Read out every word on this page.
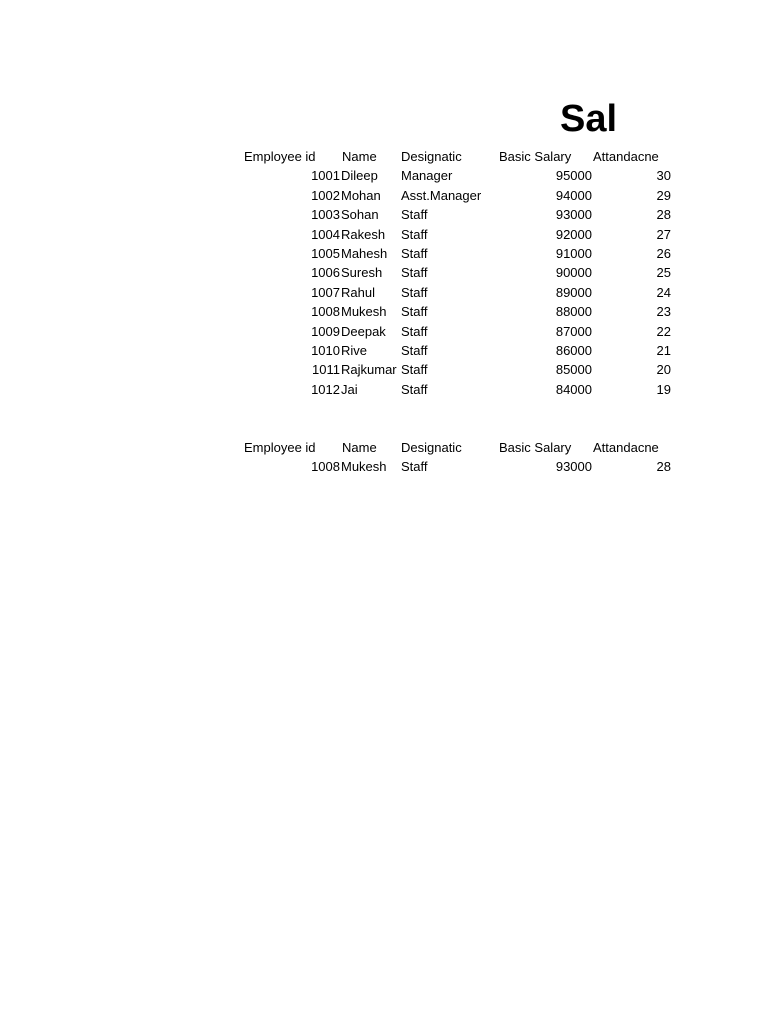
Sal
Employee id	Name	Designatic	Basic Salary	Attandacne
1001 Dileep	Manager	95000	30
1002 Mohan	Asst.Manager	94000	29
1003 Sohan	Staff	93000	28
1004 Rakesh	Staff	92000	27
1005 Mahesh	Staff	91000	26
1006 Suresh	Staff	90000	25
1007 Rahul	Staff	89000	24
1008 Mukesh	Staff	88000	23
1009 Deepak	Staff	87000	22
1010 Rive	Staff	86000	21
1011 Rajkumar Staff	85000	20
1012 Jai	Staff	84000	19
Employee id	Name	Designatic	Basic Salary	Attandacne
1008 Mukesh	Staff	93000	28
